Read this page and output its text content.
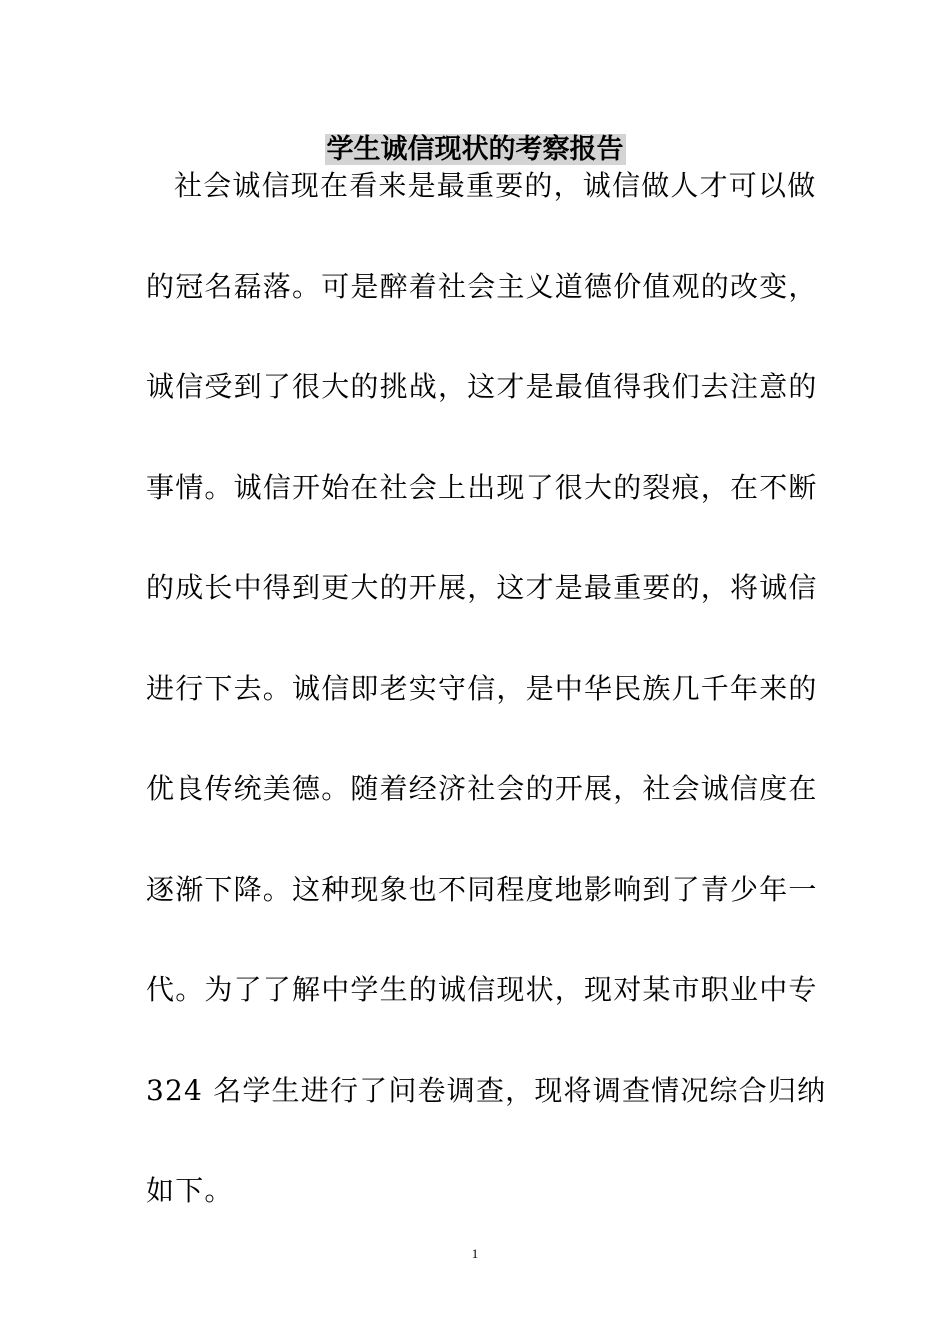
学生诚信现状的考察报告
社会诚信现在看来是最重要的，诚信做人才可以做
的冠名磊落。可是醉着社会主义道德价值观的改变，
诚信受到了很大的挑战，这才是最值得我们去注意的
事情。诚信开始在社会上出现了很大的裂痕，在不断
的成长中得到更大的开展，这才是最重要的，将诚信
进行下去。诚信即老实守信，是中华民族几千年来的
优良传统美德。随着经济社会的开展，社会诚信度在
逐渐下降。这种现象也不同程度地影响到了青少年一
代。为了了解中学生的诚信现状，现对某市职业中专
324 名学生进行了问卷调查，现将调查情况综合归纳
如下。
1
